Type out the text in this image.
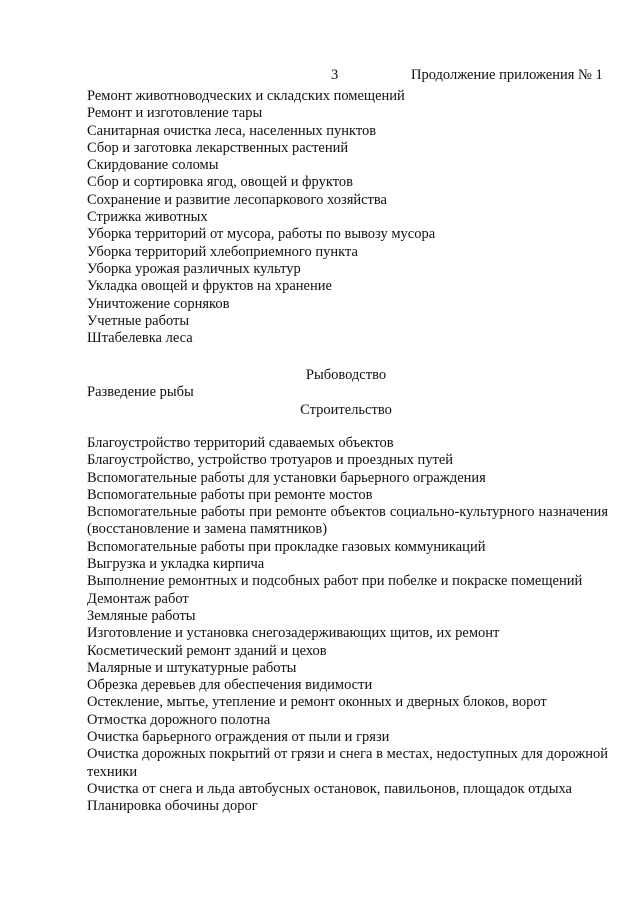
3	Продолжение приложения № 1
Ремонт животноводческих и складских помещений
Ремонт и изготовление тары
Санитарная очистка леса, населенных пунктов
Сбор и заготовка лекарственных растений
Скирдование соломы
Сбор и сортировка ягод, овощей и фруктов
Сохранение и развитие лесопаркового хозяйства
Стрижка животных
Уборка территорий от мусора, работы по вывозу мусора
Уборка территорий хлебоприемного пункта
Уборка урожая различных культур
Укладка овощей и фруктов на хранение
Уничтожение сорняков
Учетные работы
Штабелевка леса
Рыбоводство
Разведение рыбы
Строительство
Благоустройство территорий сдаваемых объектов
Благоустройство, устройство тротуаров и проездных путей
Вспомогательные работы для установки барьерного ограждения
Вспомогательные работы при ремонте мостов
Вспомогательные работы при ремонте объектов социально-культурного назначения (восстановление и замена памятников)
Вспомогательные работы при прокладке газовых коммуникаций
Выгрузка и укладка кирпича
Выполнение ремонтных и подсобных работ при побелке и покраске помещений
Демонтаж работ
Земляные работы
Изготовление и установка снегозадерживающих щитов, их ремонт
Косметический ремонт зданий и цехов
Малярные и штукатурные работы
Обрезка деревьев для обеспечения видимости
Остекление, мытье, утепление и ремонт оконных и дверных блоков, ворот
Отмостка дорожного полотна
Очистка барьерного ограждения от пыли и грязи
Очистка дорожных покрытий от грязи и снега в местах, недоступных для дорожной техники
Очистка от снега и льда автобусных остановок, павильонов, площадок отдыха
Планировка обочины дорог
